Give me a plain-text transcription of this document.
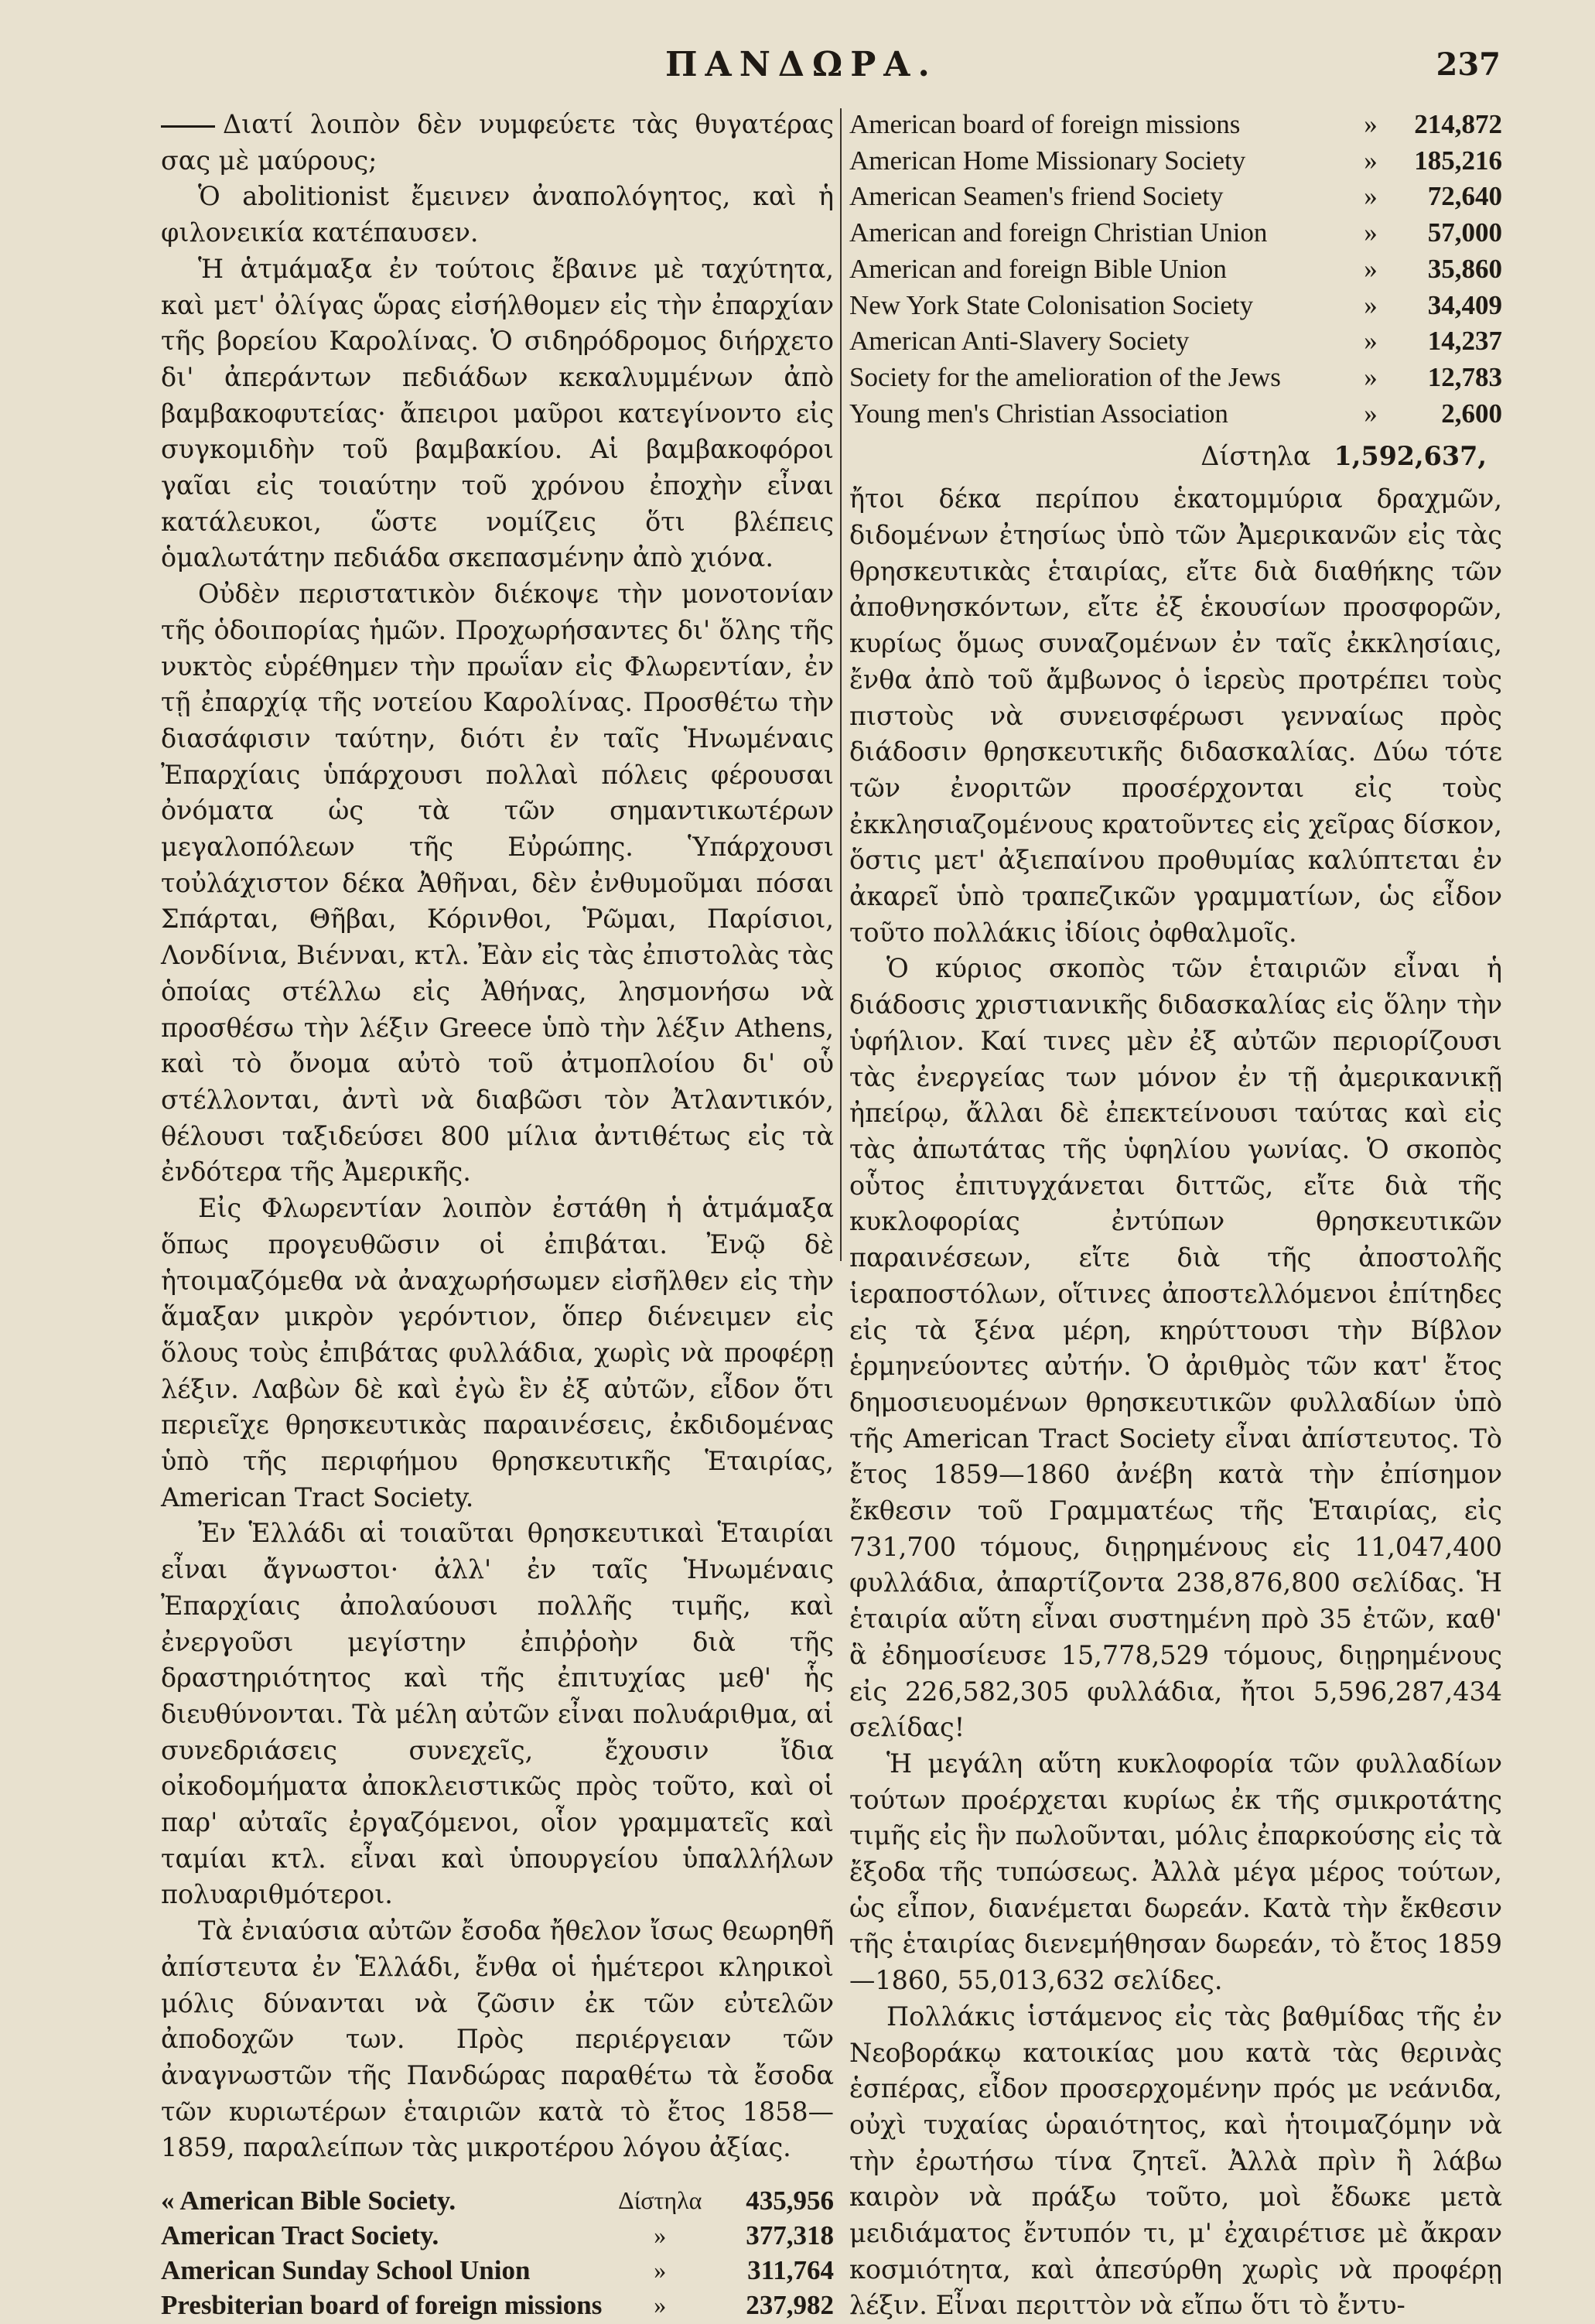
ΠΑΝΔΩΡΑ.	237

Διατί λοιπὸν δὲν νυμφεύετε τὰς θυγατέρας σας μὲ μαύρους;

Ὁ abolitionist ἔμεινεν ἀναπολόγητος, καὶ ἡ φιλονεικία κατέπαυσεν.

Ἡ ἁτμάμαξα ἐν τούτοις ἔβαινε μὲ ταχύτητα, καὶ μετ' ὀλίγας ὥρας εἰσήλθομεν εἰς τὴν ἐπαρχίαν τῆς βορείου Καρολίνας. Ὁ σιδηρόδρομος διήρχετο δι' ἀπεράντων πεδιάδων κεκαλυμμένων ἀπὸ βαμβακοφυτείας· ἄπειροι μαῦροι κατεγίνοντο εἰς συγκομιδὴν τοῦ βαμβακίου. Αἱ βαμβακοφόροι γαῖαι εἰς τοιαύτην τοῦ χρόνου ἐποχὴν εἶναι κατάλευκοι, ὥστε νομίζεις ὅτι βλέπεις ὁμαλωτάτην πεδιάδα σκεπασμένην ἀπὸ χιόνα.

Οὐδὲν περιστατικὸν διέκοψε τὴν μονοτονίαν τῆς ὁδοιπορίας ἡμῶν. Προχωρήσαντες δι' ὅλης τῆς νυκτὸς εὑρέθημεν τὴν πρωΐαν εἰς Φλωρεντίαν, ἐν τῇ ἐπαρχίᾳ τῆς νοτείου Καρολίνας. Προσθέτω τὴν διασάφισιν ταύτην, διότι ἐν ταῖς Ἡνωμέναις Ἐπαρχίαις ὑπάρχουσι πολλαὶ πόλεις φέρουσαι ὀνόματα ὡς τὰ τῶν σημαντικωτέρων μεγαλοπόλεων τῆς Εὐρώπης. Ὑπάρχουσι τοὐλάχιστον δέκα Ἀθῆναι, δὲν ἐνθυμοῦμαι πόσαι Σπάρται, Θῆβαι, Κόρινθοι, Ῥῶμαι, Παρίσιοι, Λονδίνια, Βιένναι, κτλ. Ἐὰν εἰς τὰς ἐπιστολὰς τὰς ὁποίας στέλλω εἰς Ἀθήνας, λησμονήσω νὰ προσθέσω τὴν λέξιν Greece ὑπὸ τὴν λέξιν Athens, καὶ τὸ ὄνομα αὐτὸ τοῦ ἀτμοπλοίου δι' οὗ στέλλονται, ἀντὶ νὰ διαβῶσι τὸν Ἀτλαντικόν, θέλουσι ταξιδεύσει 800 μίλια ἀντιθέτως εἰς τὰ ἐνδότερα τῆς Ἀμερικῆς.

Εἰς Φλωρεντίαν λοιπὸν ἐστάθη ἡ ἁτμάμαξα ὅπως προγευθῶσιν οἱ ἐπιβάται. Ἐνῷ δὲ ἡτοιμαζόμεθα νὰ ἀναχωρήσωμεν εἰσῆλθεν εἰς τὴν ἅμαξαν μικρὸν γερόντιον, ὅπερ διένειμεν εἰς ὅλους τοὺς ἐπιβάτας φυλλάδια, χωρὶς νὰ προφέρῃ λέξιν. Λαβὼν δὲ καὶ ἐγὼ ἓν ἐξ αὐτῶν, εἶδον ὅτι περιεῖχε θρησκευτικὰς παραινέσεις, ἐκδιδομένας ὑπὸ τῆς περιφήμου θρησκευτικῆς Ἑταιρίας, American Tract Society.

Ἐν Ἑλλάδι αἱ τοιαῦται θρησκευτικαὶ Ἑταιρίαι εἶναι ἄγνωστοι· ἀλλ' ἐν ταῖς Ἡνωμέναις Ἐπαρχίαις ἀπολαύουσι πολλῆς τιμῆς, καὶ ἐνεργοῦσι μεγίστην ἐπιῤῥοὴν διὰ τῆς δραστηριότητος καὶ τῆς ἐπιτυχίας μεθ' ἧς διευθύνονται. Τὰ μέλη αὐτῶν εἶναι πολυάριθμα, αἱ συνεδριάσεις συνεχεῖς, ἔχουσιν ἴδια οἰκοδομήματα ἀποκλειστικῶς πρὸς τοῦτο, καὶ οἱ παρ' αὐταῖς ἐργαζόμενοι, οἷον γραμματεῖς καὶ ταμίαι κτλ. εἶναι καὶ ὑπουργείου ὑπαλλήλων πολυαριθμότεροι.

Τὰ ἐνιαύσια αὐτῶν ἔσοδα ἤθελον ἴσως θεωρηθῆ ἀπίστευτα ἐν Ἑλλάδι, ἔνθα οἱ ἡμέτεροι κληρικοὶ μόλις δύνανται νὰ ζῶσιν ἐκ τῶν εὐτελῶν ἀποδοχῶν των. Πρὸς περιέργειαν τῶν ἀναγνωστῶν τῆς Πανδώρας παραθέτω τὰ ἔσοδα τῶν κυριωτέρων ἑταιριῶν κατὰ τὸ ἔτος 1858—1859, παραλείπων τὰς μικροτέρου λόγου ἀξίας.

« American Bible Society.	Δίστηλα	435,956
American Tract Society.	»	377,318
American Sunday School Union	»	311,764
Presbiterian board of foreign missions	»	237,982
American board of foreign missions	»	214,872
American Home Missionary Society	»	185,216
American Seamen's friend Society	»	72,640
American and foreign Christian Union	»	57,000
American and foreign Bible Union	»	35,860
New York State Colonisation Society	»	34,409
American Anti-Slavery Society	»	14,237
Society for the amelioration of the Jews	»	12,783
Young men's Christian Association	»	2,600
Δίστηλα 1,592,637,

ἤτοι δέκα περίπου ἑκατομμύρια δραχμῶν, διδομένων ἐτησίως ὑπὸ τῶν Ἀμερικανῶν εἰς τὰς θρησκευτικὰς ἑταιρίας, εἴτε διὰ διαθήκης τῶν ἀποθνησκόντων, εἴτε ἐξ ἑκουσίων προσφορῶν, κυρίως ὅμως συναζομένων ἐν ταῖς ἐκκλησίαις, ἔνθα ἀπὸ τοῦ ἄμβωνος ὁ ἱερεὺς προτρέπει τοὺς πιστοὺς νὰ συνεισφέρωσι γενναίως πρὸς διάδοσιν θρησκευτικῆς διδασκαλίας. Δύω τότε τῶν ἐνοριτῶν προσέρχονται εἰς τοὺς ἐκκλησιαζομένους κρατοῦντες εἰς χεῖρας δίσκον, ὅστις μετ' ἀξιεπαίνου προθυμίας καλύπτεται ἐν ἀκαρεῖ ὑπὸ τραπεζικῶν γραμματίων, ὡς εἶδον τοῦτο πολλάκις ἰδίοις ὀφθαλμοῖς.

Ὁ κύριος σκοπὸς τῶν ἑταιριῶν εἶναι ἡ διάδοσις χριστιανικῆς διδασκαλίας εἰς ὅλην τὴν ὑφήλιον. Καί τινες μὲν ἐξ αὐτῶν περιορίζουσι τὰς ἐνεργείας των μόνον ἐν τῇ ἀμερικανικῇ ἠπείρῳ, ἄλλαι δὲ ἐπεκτείνουσι ταύτας καὶ εἰς τὰς ἀπωτάτας τῆς ὑφηλίου γωνίας. Ὁ σκοπὸς οὗτος ἐπιτυγχάνεται διττῶς, εἴτε διὰ τῆς κυκλοφορίας ἐντύπων θρησκευτικῶν παραινέσεων, εἴτε διὰ τῆς ἀποστολῆς ἱεραποστόλων, οἵτινες ἀποστελλόμενοι ἐπίτηδες εἰς τὰ ξένα μέρη, κηρύττουσι τὴν Βίβλον ἑρμηνεύοντες αὐτήν. Ὁ ἀριθμὸς τῶν κατ' ἔτος δημοσιευομένων θρησκευτικῶν φυλλαδίων ὑπὸ τῆς American Tract Society εἶναι ἀπίστευτος. Τὸ ἔτος 1859—1860 ἀνέβη κατὰ τὴν ἐπίσημον ἔκθεσιν τοῦ Γραμματέως τῆς Ἑταιρίας, εἰς 731,700 τόμους, διῃρημένους εἰς 11,047,400 φυλλάδια, ἀπαρτίζοντα 238,876,800 σελίδας. Ἡ ἑταιρία αὕτη εἶναι συστημένη πρὸ 35 ἐτῶν, καθ' ἃ ἐδημοσίευσε 15,778,529 τόμους, διῃρημένους εἰς 226,582,305 φυλλάδια, ἤτοι 5,596,287,434 σελίδας!

Ἡ μεγάλη αὕτη κυκλοφορία τῶν φυλλαδίων τούτων προέρχεται κυρίως ἐκ τῆς σμικροτάτης τιμῆς εἰς ἣν πωλοῦνται, μόλις ἐπαρκούσης εἰς τὰ ἔξοδα τῆς τυπώσεως. Ἀλλὰ μέγα μέρος τούτων, ὡς εἶπον, διανέμεται δωρεάν. Κατὰ τὴν ἔκθεσιν τῆς ἑταιρίας διενεμήθησαν δωρεάν, τὸ ἔτος 1859—1860, 55,013,632 σελίδες.

Πολλάκις ἱστάμενος εἰς τὰς βαθμίδας τῆς ἐν Νεοβοράκῳ κατοικίας μου κατὰ τὰς θερινὰς ἑσπέρας, εἶδον προσερχομένην πρός με νεάνιδα, οὐχὶ τυχαίας ὡραιότητος, καὶ ἡτοιμαζόμην νὰ τὴν ἐρωτήσω τίνα ζητεῖ. Ἀλλὰ πρὶν ἢ λάβω καιρὸν νὰ πράξω τοῦτο, μοὶ ἔδωκε μετὰ μειδιάματος ἔντυπόν τι, μ' ἐχαιρέτισε μὲ ἄκραν κοσμιότητα, καὶ ἀπεσύρθη χωρὶς νὰ προφέρῃ λέξιν. Εἶναι περιττὸν νὰ εἴπω ὅτι τὸ ἔντυ-
